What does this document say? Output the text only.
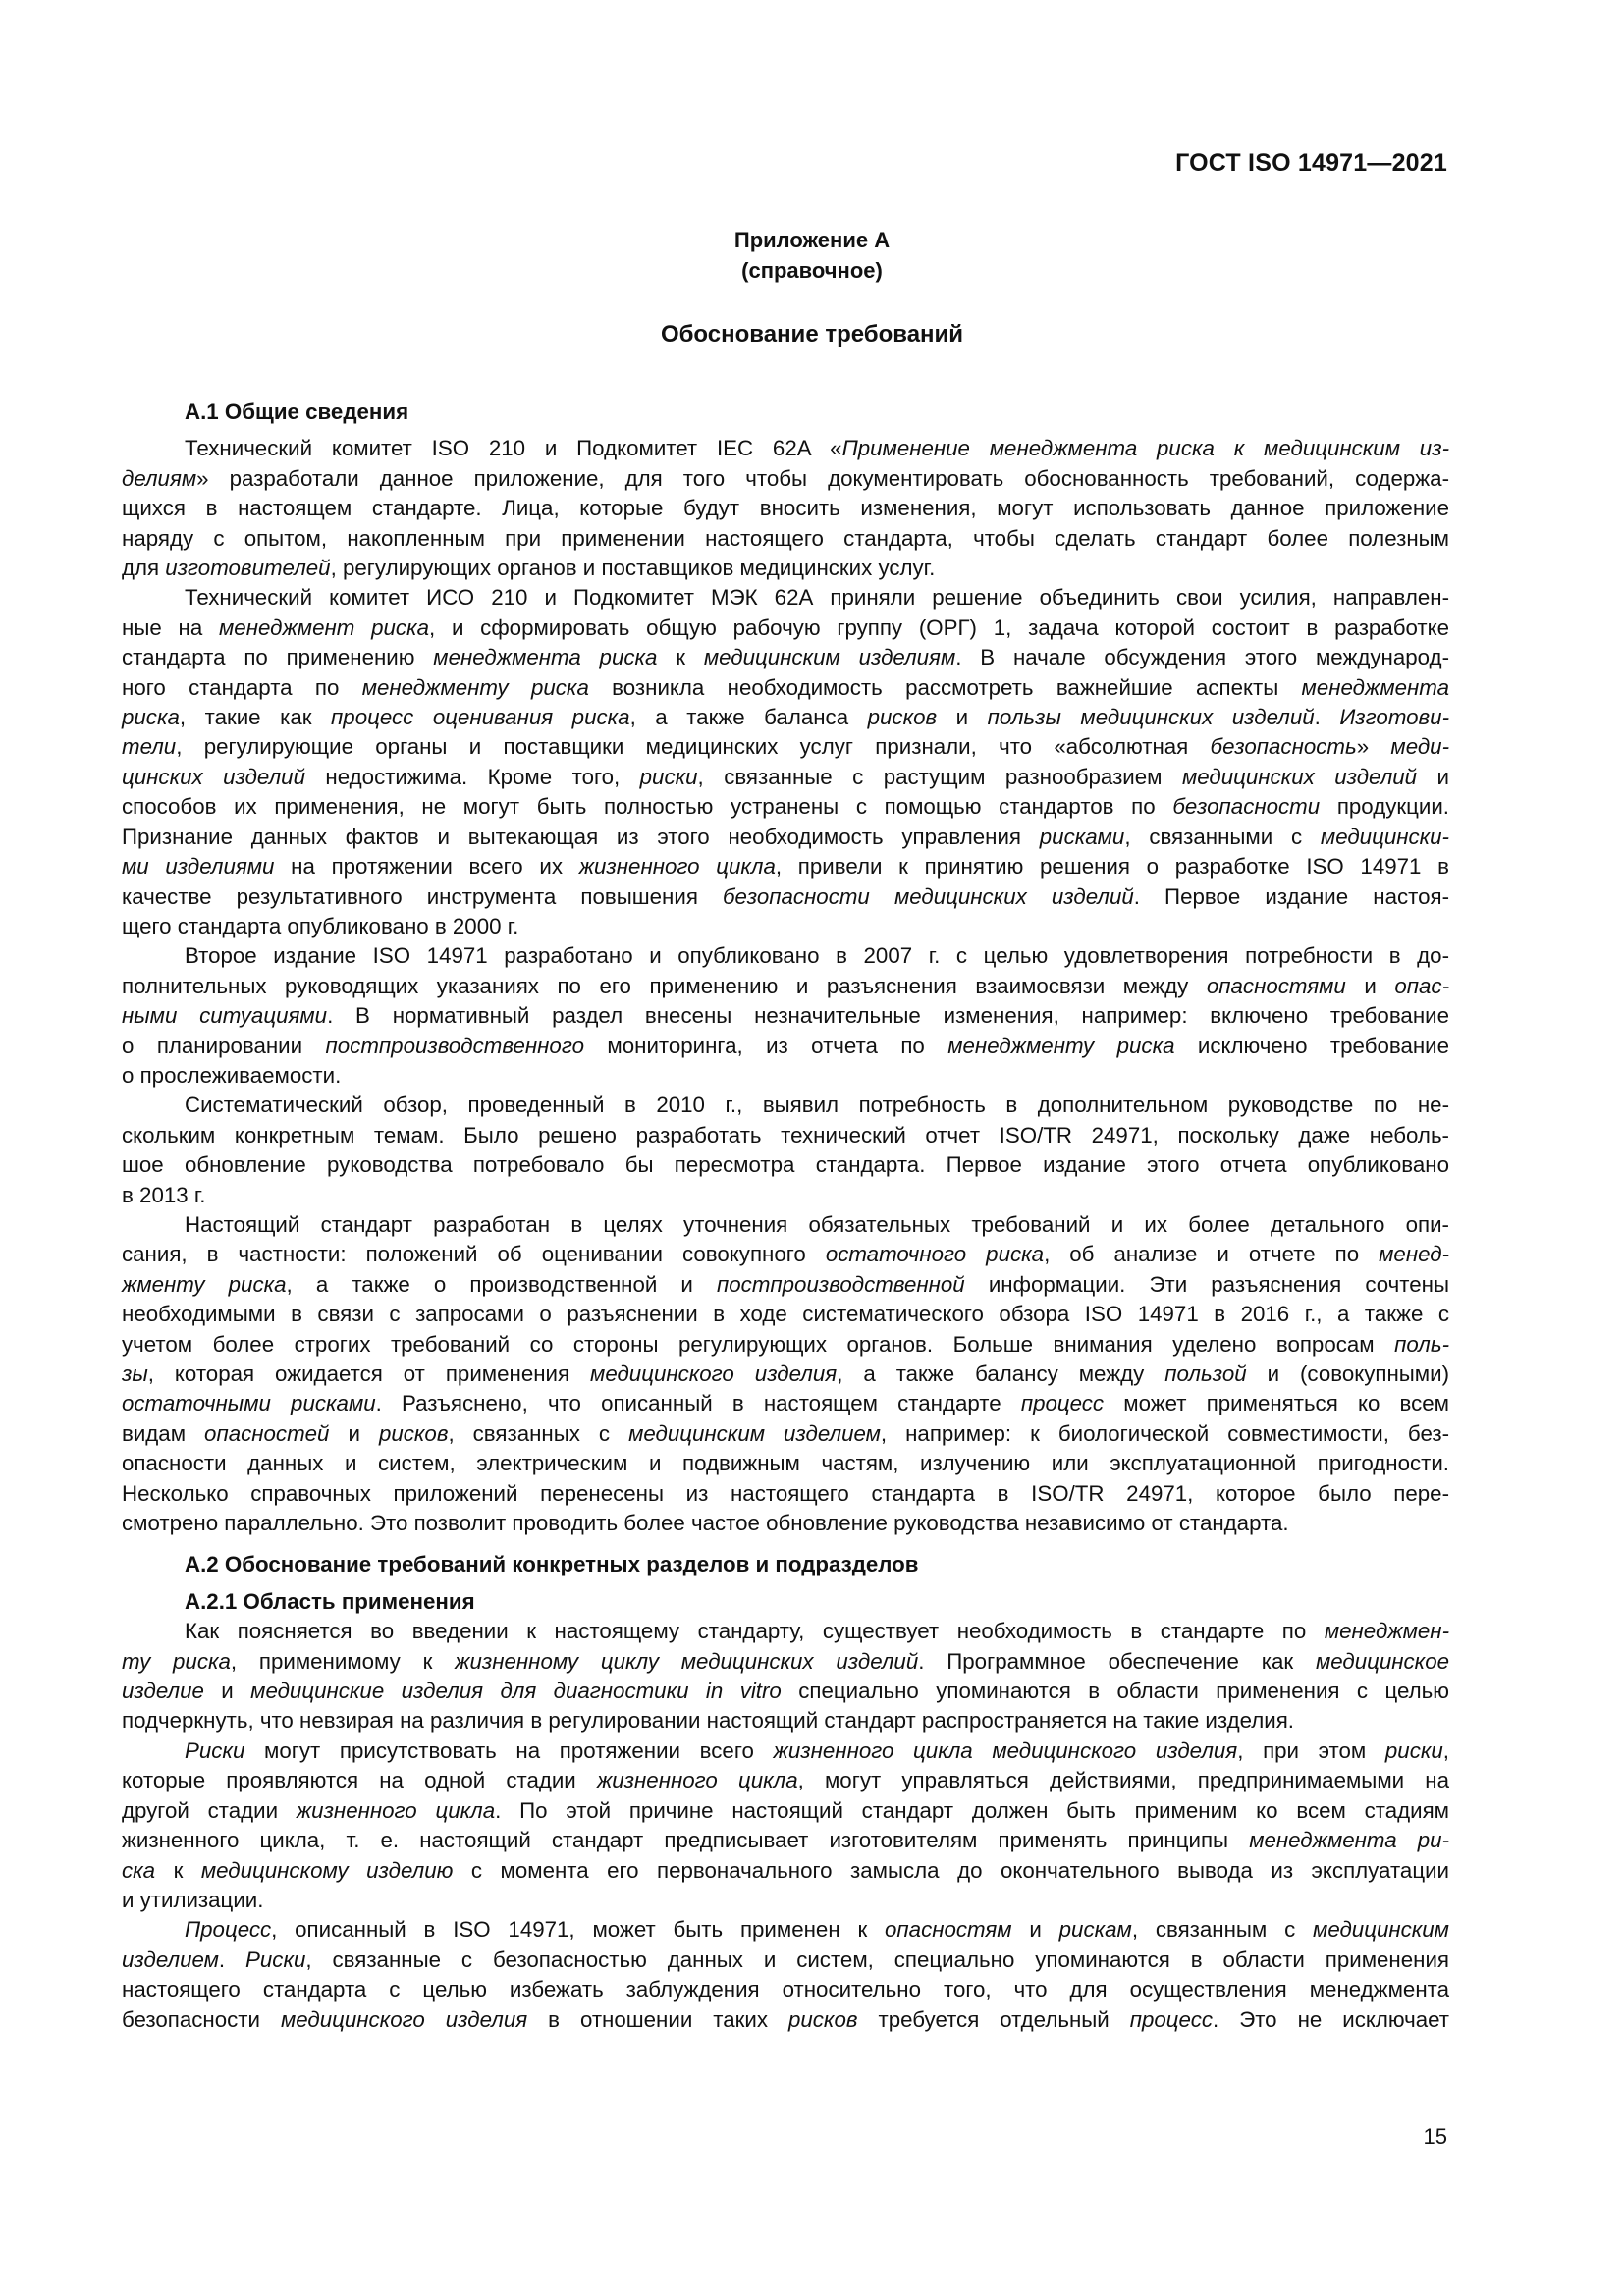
ГОСТ ISO 14971—2021
Приложение А
(справочное)
Обоснование требований
А.1 Общие сведения
Технический комитет ISO 210 и Подкомитет IEC 62A «Применение менеджмента риска к медицинским из-
делиям» разработали данное приложение, для того чтобы документировать обоснованность требований, содержа-
щихся в настоящем стандарте. Лица, которые будут вносить изменения, могут использовать данное приложение
наряду с опытом, накопленным при применении настоящего стандарта, чтобы сделать стандарт более полезным
для изготовителей, регулирующих органов и поставщиков медицинских услуг.
Технический комитет ИСО 210 и Подкомитет МЭК 62А приняли решение объединить свои усилия, направлен-
ные на менеджмент риска, и сформировать общую рабочую группу (ОРГ) 1, задача которой состоит в разработке
стандарта по применению менеджмента риска к медицинским изделиям. В начале обсуждения этого международ-
ного стандарта по менеджменту риска возникла необходимость рассмотреть важнейшие аспекты менеджмента
риска, такие как процесс оценивания риска, а также баланса рисков и пользы медицинских изделий. Изготови-
тели, регулирующие органы и поставщики медицинских услуг признали, что «абсолютная безопасность» меди-
цинских изделий недостижима. Кроме того, риски, связанные с растущим разнообразием медицинских изделий и
способов их применения, не могут быть полностью устранены с помощью стандартов по безопасности продукции.
Признание данных фактов и вытекающая из этого необходимость управления рисками, связанными с медицински-
ми изделиями на протяжении всего их жизненного цикла, привели к принятию решения о разработке ISO 14971 в
качестве результативного инструмента повышения безопасности медицинских изделий. Первое издание настоя-
щего стандарта опубликовано в 2000 г.
Второе издание ISO 14971 разработано и опубликовано в 2007 г. с целью удовлетворения потребности в до-
полнительных руководящих указаниях по его применению и разъяснения взаимосвязи между опасностями и опас-
ными ситуациями. В нормативный раздел внесены незначительные изменения, например: включено требование
о планировании постпроизводственного мониторинга, из отчета по менеджменту риска исключено требование
о прослеживаемости.
Систематический обзор, проведенный в 2010 г., выявил потребность в дополнительном руководстве по не-
скольким конкретным темам. Было решено разработать технический отчет ISO/TR 24971, поскольку даже неболь-
шое обновление руководства потребовало бы пересмотра стандарта. Первое издание этого отчета опубликовано
в 2013 г.
Настоящий стандарт разработан в целях уточнения обязательных требований и их более детального опи-
сания, в частности: положений об оценивании совокупного остаточного риска, об анализе и отчете по менед-
жменту риска, а также о производственной и постпроизводственной информации. Эти разъяснения сочтены
необходимыми в связи с запросами о разъяснении в ходе систематического обзора ISO 14971 в 2016 г., а также с
учетом более строгих требований со стороны регулирующих органов. Больше внимания уделено вопросам поль-
зы, которая ожидается от применения медицинского изделия, а также балансу между пользой и (совокупными)
остаточными рисками. Разъяснено, что описанный в настоящем стандарте процесс может применяться ко всем
видам опасностей и рисков, связанных с медицинским изделием, например: к биологической совместимости, без-
опасности данных и систем, электрическим и подвижным частям, излучению или эксплуатационной пригодности.
Несколько справочных приложений перенесены из настоящего стандарта в ISO/TR 24971, которое было пере-
смотрено параллельно. Это позволит проводить более частое обновление руководства независимо от стандарта.
А.2 Обоснование требований конкретных разделов и подразделов
А.2.1 Область применения
Как поясняется во введении к настоящему стандарту, существует необходимость в стандарте по менеджмен-
ту риска, применимому к жизненному циклу медицинских изделий. Программное обеспечение как медицинское
изделие и медицинские изделия для диагностики in vitro специально упоминаются в области применения с целью
подчеркнуть, что невзирая на различия в регулировании настоящий стандарт распространяется на такие изделия.
Риски могут присутствовать на протяжении всего жизненного цикла медицинского изделия, при этом риски,
которые проявляются на одной стадии жизненного цикла, могут управляться действиями, предпринимаемыми на
другой стадии жизненного цикла. По этой причине настоящий стандарт должен быть применим ко всем стадиям
жизненного цикла, т. е. настоящий стандарт предписывает изготовителям применять принципы менеджмента ри-
ска к медицинскому изделию с момента его первоначального замысла до окончательного вывода из эксплуатации
и утилизации.
Процесс, описанный в ISO 14971, может быть применен к опасностям и рискам, связанным с медицинским
изделием. Риски, связанные с безопасностью данных и систем, специально упоминаются в области применения
настоящего стандарта с целью избежать заблуждения относительно того, что для осуществления менеджмента
безопасности медицинского изделия в отношении таких рисков требуется отдельный процесс. Это не исключает
15
